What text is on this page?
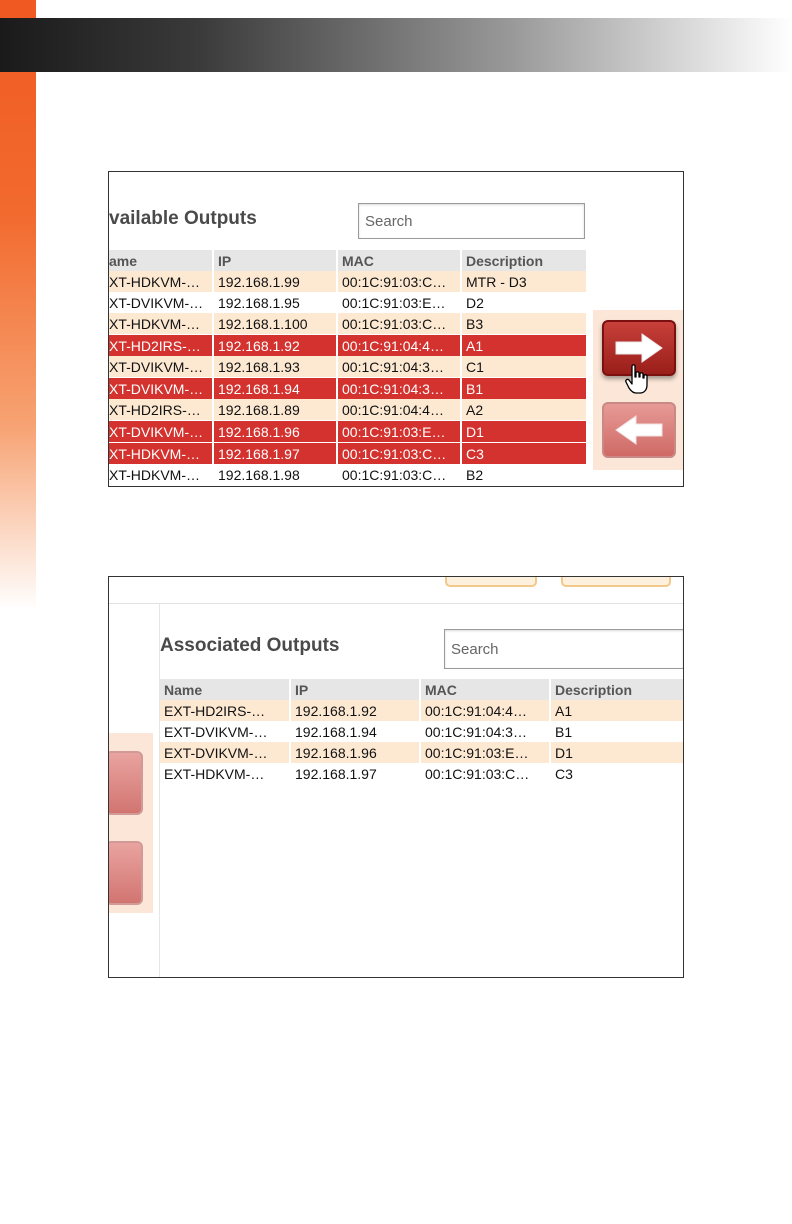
vailable Outputs
Search
ame	IP	MAC	Description
XT-HDKVM-…	192.168.1.99	00:1C:91:03:C…	MTR - D3
XT-DVIKVM-…	192.168.1.95	00:1C:91:03:E…	D2
XT-HDKVM-…	192.168.1.100	00:1C:91:03:C…	B3
XT-HD2IRS-…	192.168.1.92	00:1C:91:04:4…	A1
XT-DVIKVM-…	192.168.1.93	00:1C:91:04:3…	C1
XT-DVIKVM-…	192.168.1.94	00:1C:91:04:3…	B1
XT-HD2IRS-…	192.168.1.89	00:1C:91:04:4…	A2
XT-DVIKVM-…	192.168.1.96	00:1C:91:03:E…	D1
XT-HDKVM-…	192.168.1.97	00:1C:91:03:C…	C3
XT-HDKVM-…	192.168.1.98	00:1C:91:03:C…	B2
Associated Outputs
Search
Name	IP	MAC	Description
EXT-HD2IRS-…	192.168.1.92	00:1C:91:04:4…	A1
EXT-DVIKVM-…	192.168.1.94	00:1C:91:04:3…	B1
EXT-DVIKVM-…	192.168.1.96	00:1C:91:03:E…	D1
EXT-HDKVM-…	192.168.1.97	00:1C:91:03:C…	C3
